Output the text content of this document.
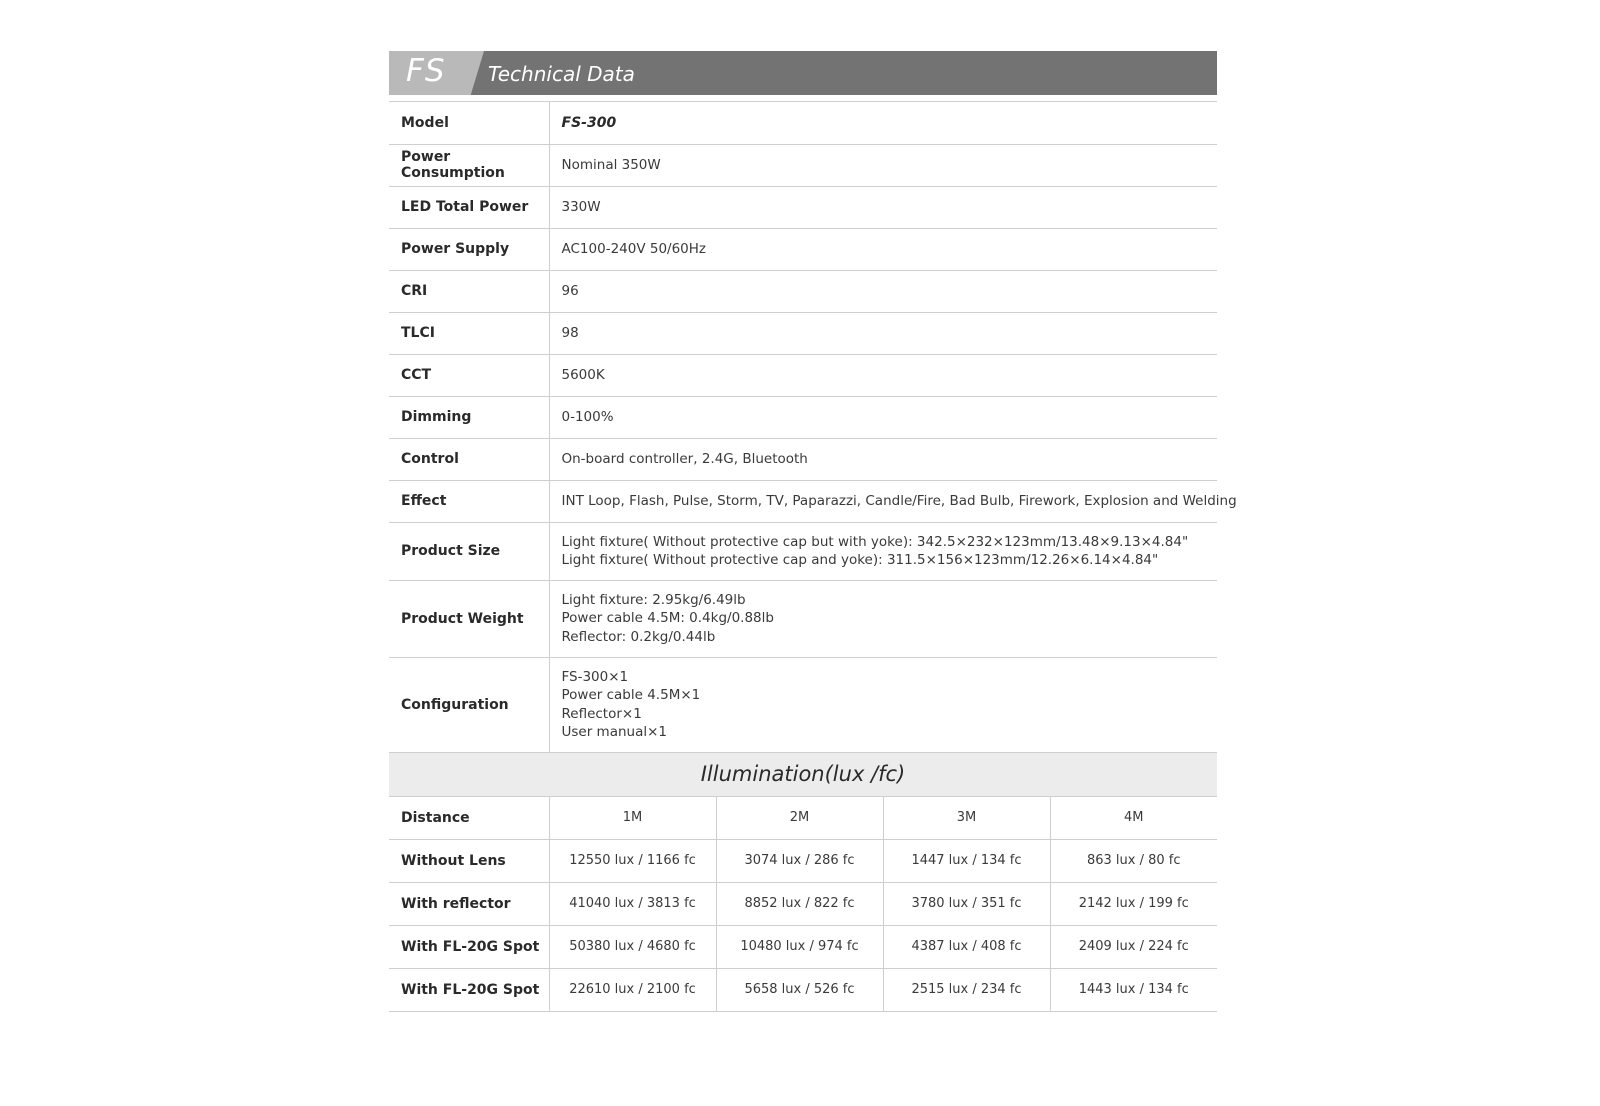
FS Technical Data
Model	FS-300

Power Consumption	Nominal 350W

LED Total Power	330W

Power Supply	AC100-240V 50/60Hz

CRI	96

TLCI	98

CCT	5600K

Dimming	0-100%

Control	On-board controller, 2.4G, Bluetooth

Effect	INT Loop, Flash, Pulse, Storm, TV, Paparazzi, Candle/Fire, Bad Bulb, Firework, Explosion and Welding

Product Size	Light fixture( Without protective cap but with yoke): 342.5×232×123mm/13.48×9.13×4.84"
Light fixture( Without protective cap and yoke): 311.5×156×123mm/12.26×6.14×4.84"

Product Weight	Light fixture: 2.95kg/6.49lb
Power cable 4.5M: 0.4kg/0.88lb
Reflector: 0.2kg/0.44lb

Configuration	FS-300×1
Power cable 4.5M×1
Reflector×1
User manual×1
Illumination(lux /fc)
Distance	1M	2M	3M	4M
Without Lens	12550 lux / 1166 fc	3074 lux / 286 fc	1447 lux / 134 fc	863 lux / 80 fc
With reflector	41040 lux / 3813 fc	8852 lux / 822 fc	3780 lux / 351 fc	2142 lux / 199 fc
With FL-20G Spot	50380 lux / 4680 fc	10480 lux / 974 fc	4387 lux / 408 fc	2409 lux / 224 fc
With FL-20G Spot	22610 lux / 2100 fc	5658 lux / 526 fc	2515 lux / 234 fc	1443 lux / 134 fc
